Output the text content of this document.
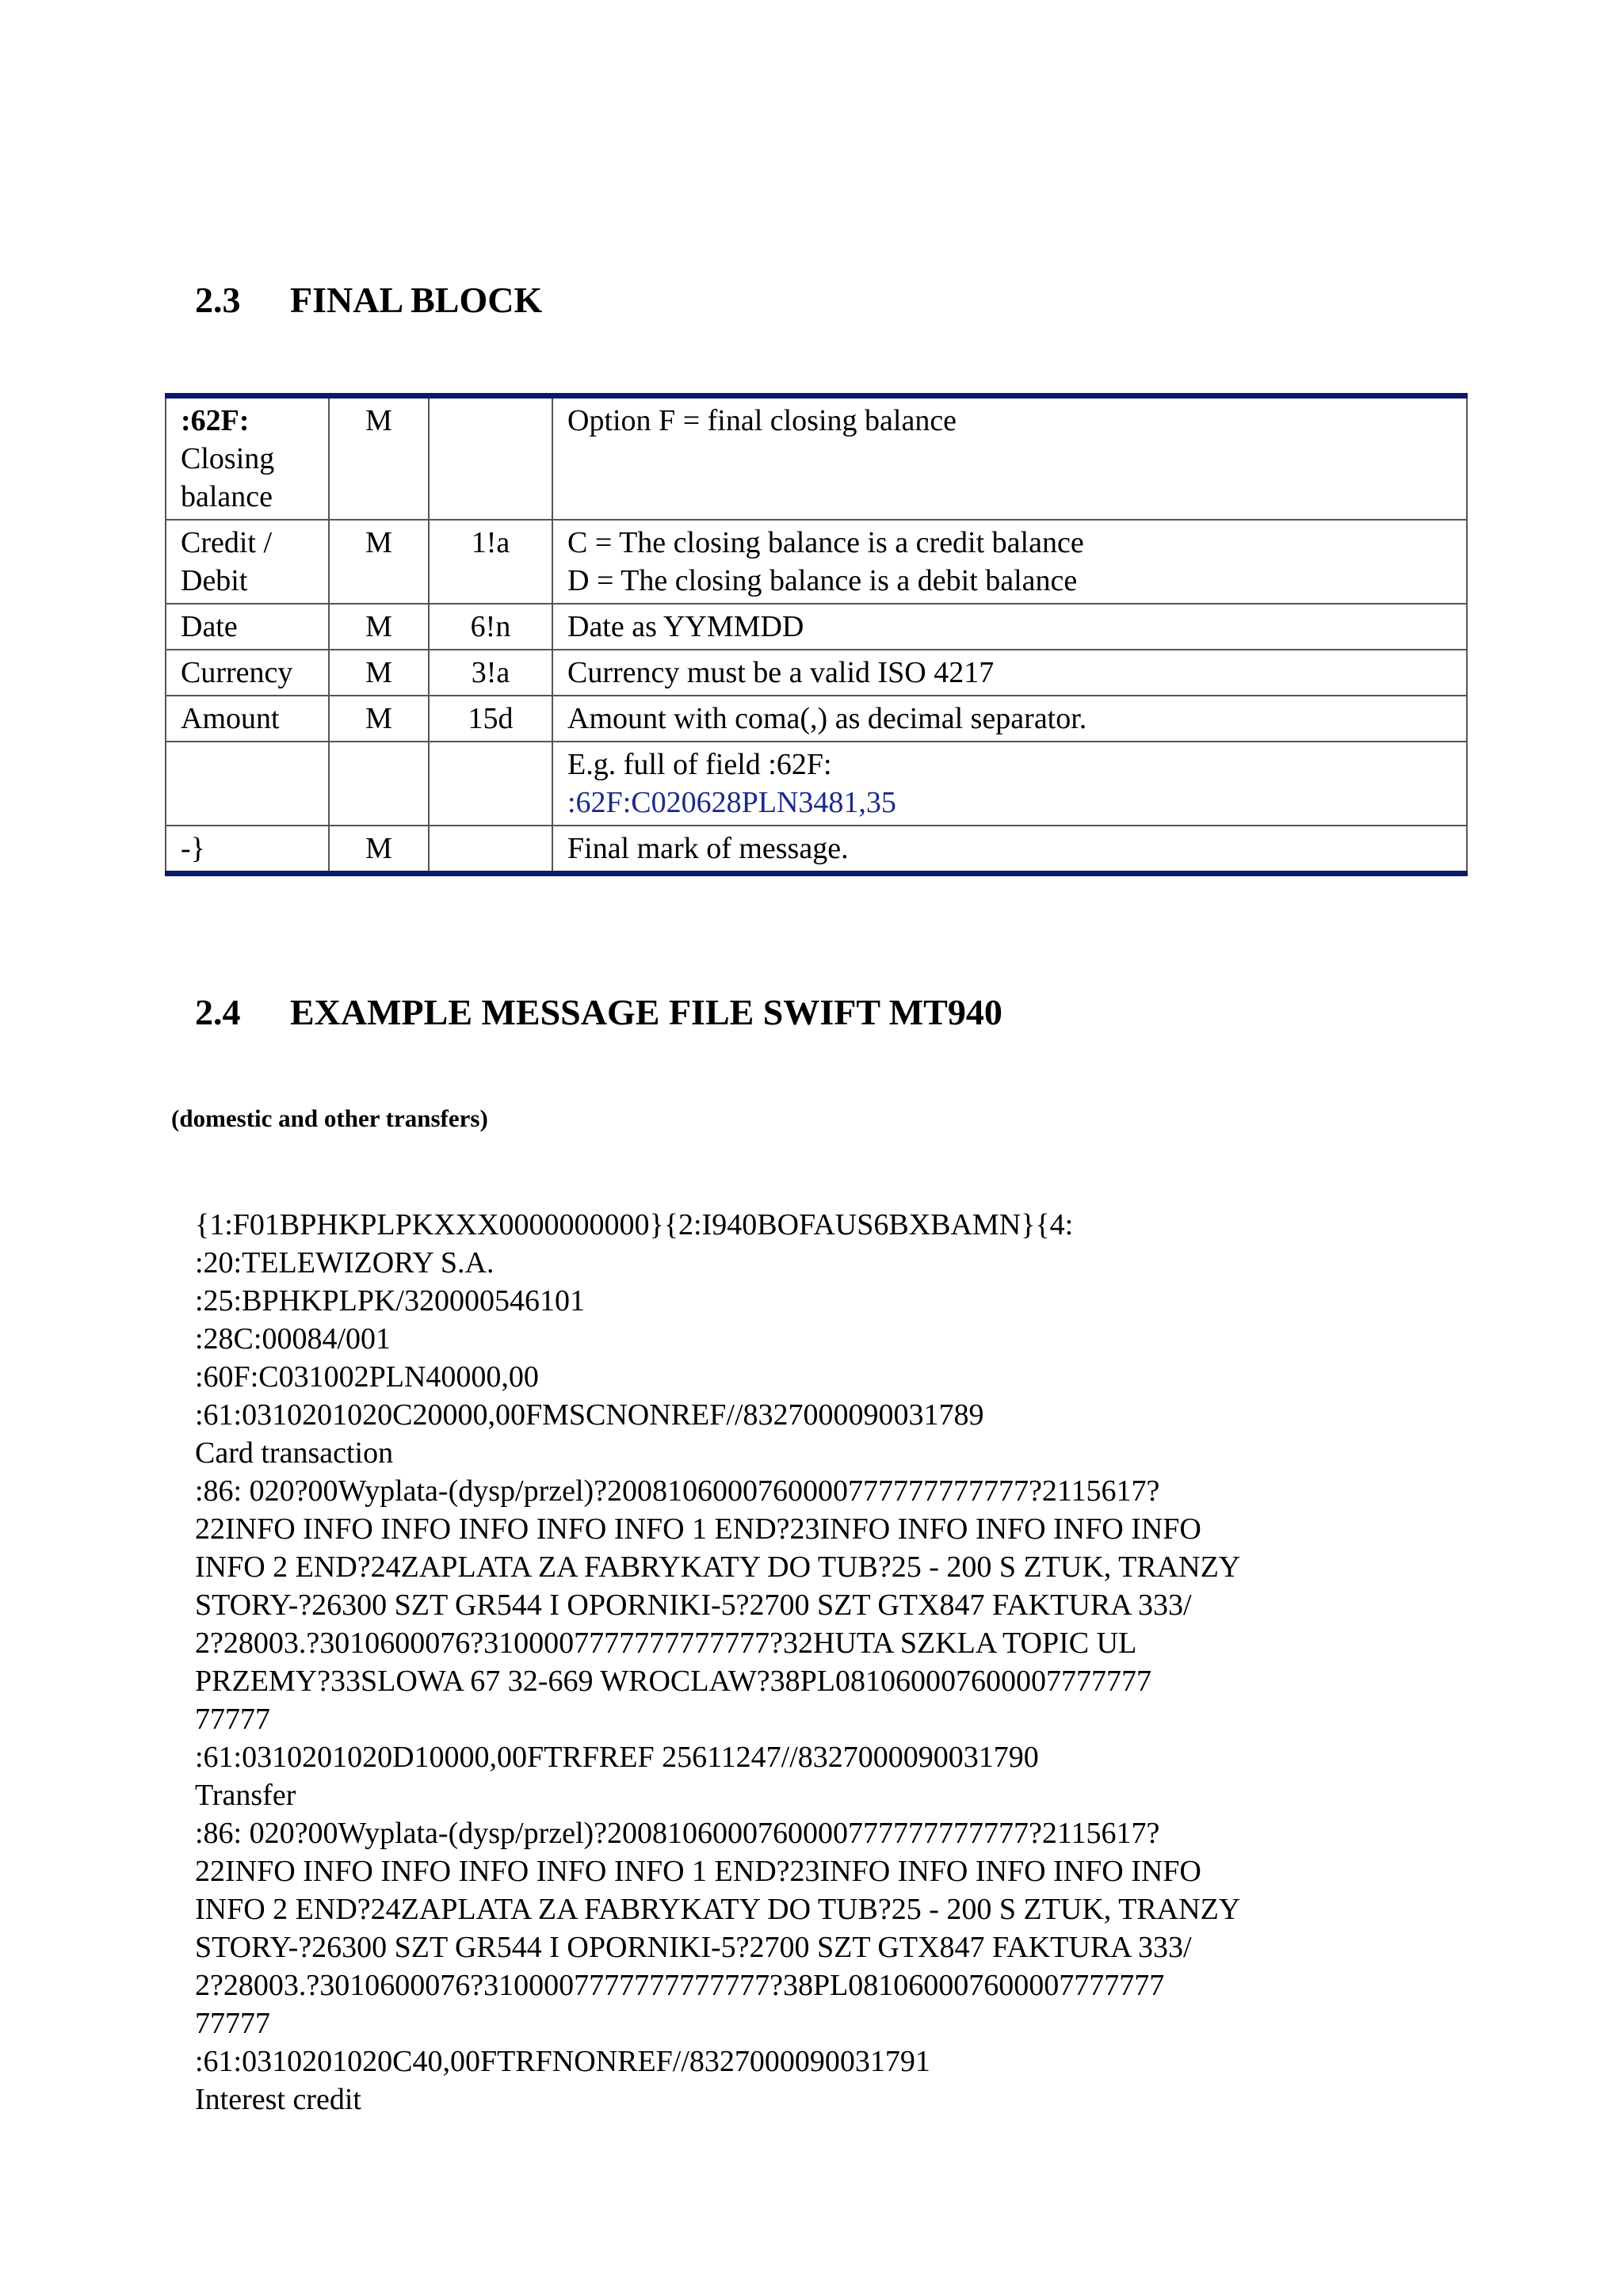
2.3 FINAL BLOCK
:62F:
Closing balance	M		Option F = final closing balance

Credit / Debit	M	1!a	C = The closing balance is a credit balance
D = The closing balance is a debit balance

Date	M	6!n	Date as YYMMDD
Currency	M	3!a	Currency must be a valid ISO 4217
Amount	M	15d	Amount with coma(,) as decimal separator.

			E.g. full of field :62F:
:62F:C020628PLN3481,35

-}	M		Final mark of message.
2.4 EXAMPLE MESSAGE FILE SWIFT MT940

(domestic and other transfers)

{1:F01BPHKPLPKXXX0000000000}{2:I940BOFAUS6BXBAMN}{4:
:20:TELEWIZORY S.A.
:25:BPHKPLPK/320000546101
:28C:00084/001
:60F:C031002PLN40000,00
:61:0310201020C20000,00FMSCNONREF//8327000090031789
Card transaction
:86: 020?00Wyplata-(dysp/przel)?2008106000760000777777777777?2115617?
22INFO INFO INFO INFO INFO INFO 1 END?23INFO INFO INFO INFO INFO
INFO 2 END?24ZAPLATA ZA FABRYKATY DO TUB?25 - 200 S ZTUK, TRANZY
STORY-?26300 SZT GR544 I OPORNIKI-5?2700 SZT GTX847 FAKTURA 333/
2?28003.?3010600076?3100007777777777777?32HUTA SZKLA TOPIC UL
PRZEMY?33SLOWA 67 32-669 WROCLAW?38PL081060007600007777777
77777
:61:0310201020D10000,00FTRFREF 25611247//8327000090031790
Transfer
:86: 020?00Wyplata-(dysp/przel)?2008106000760000777777777777?2115617?
22INFO INFO INFO INFO INFO INFO 1 END?23INFO INFO INFO INFO INFO
INFO 2 END?24ZAPLATA ZA FABRYKATY DO TUB?25 - 200 S ZTUK, TRANZY
STORY-?26300 SZT GR544 I OPORNIKI-5?2700 SZT GTX847 FAKTURA 333/
2?28003.?3010600076?3100007777777777777?38PL081060007600007777777
77777
:61:0310201020C40,00FTRFNONREF//8327000090031791
Interest credit
